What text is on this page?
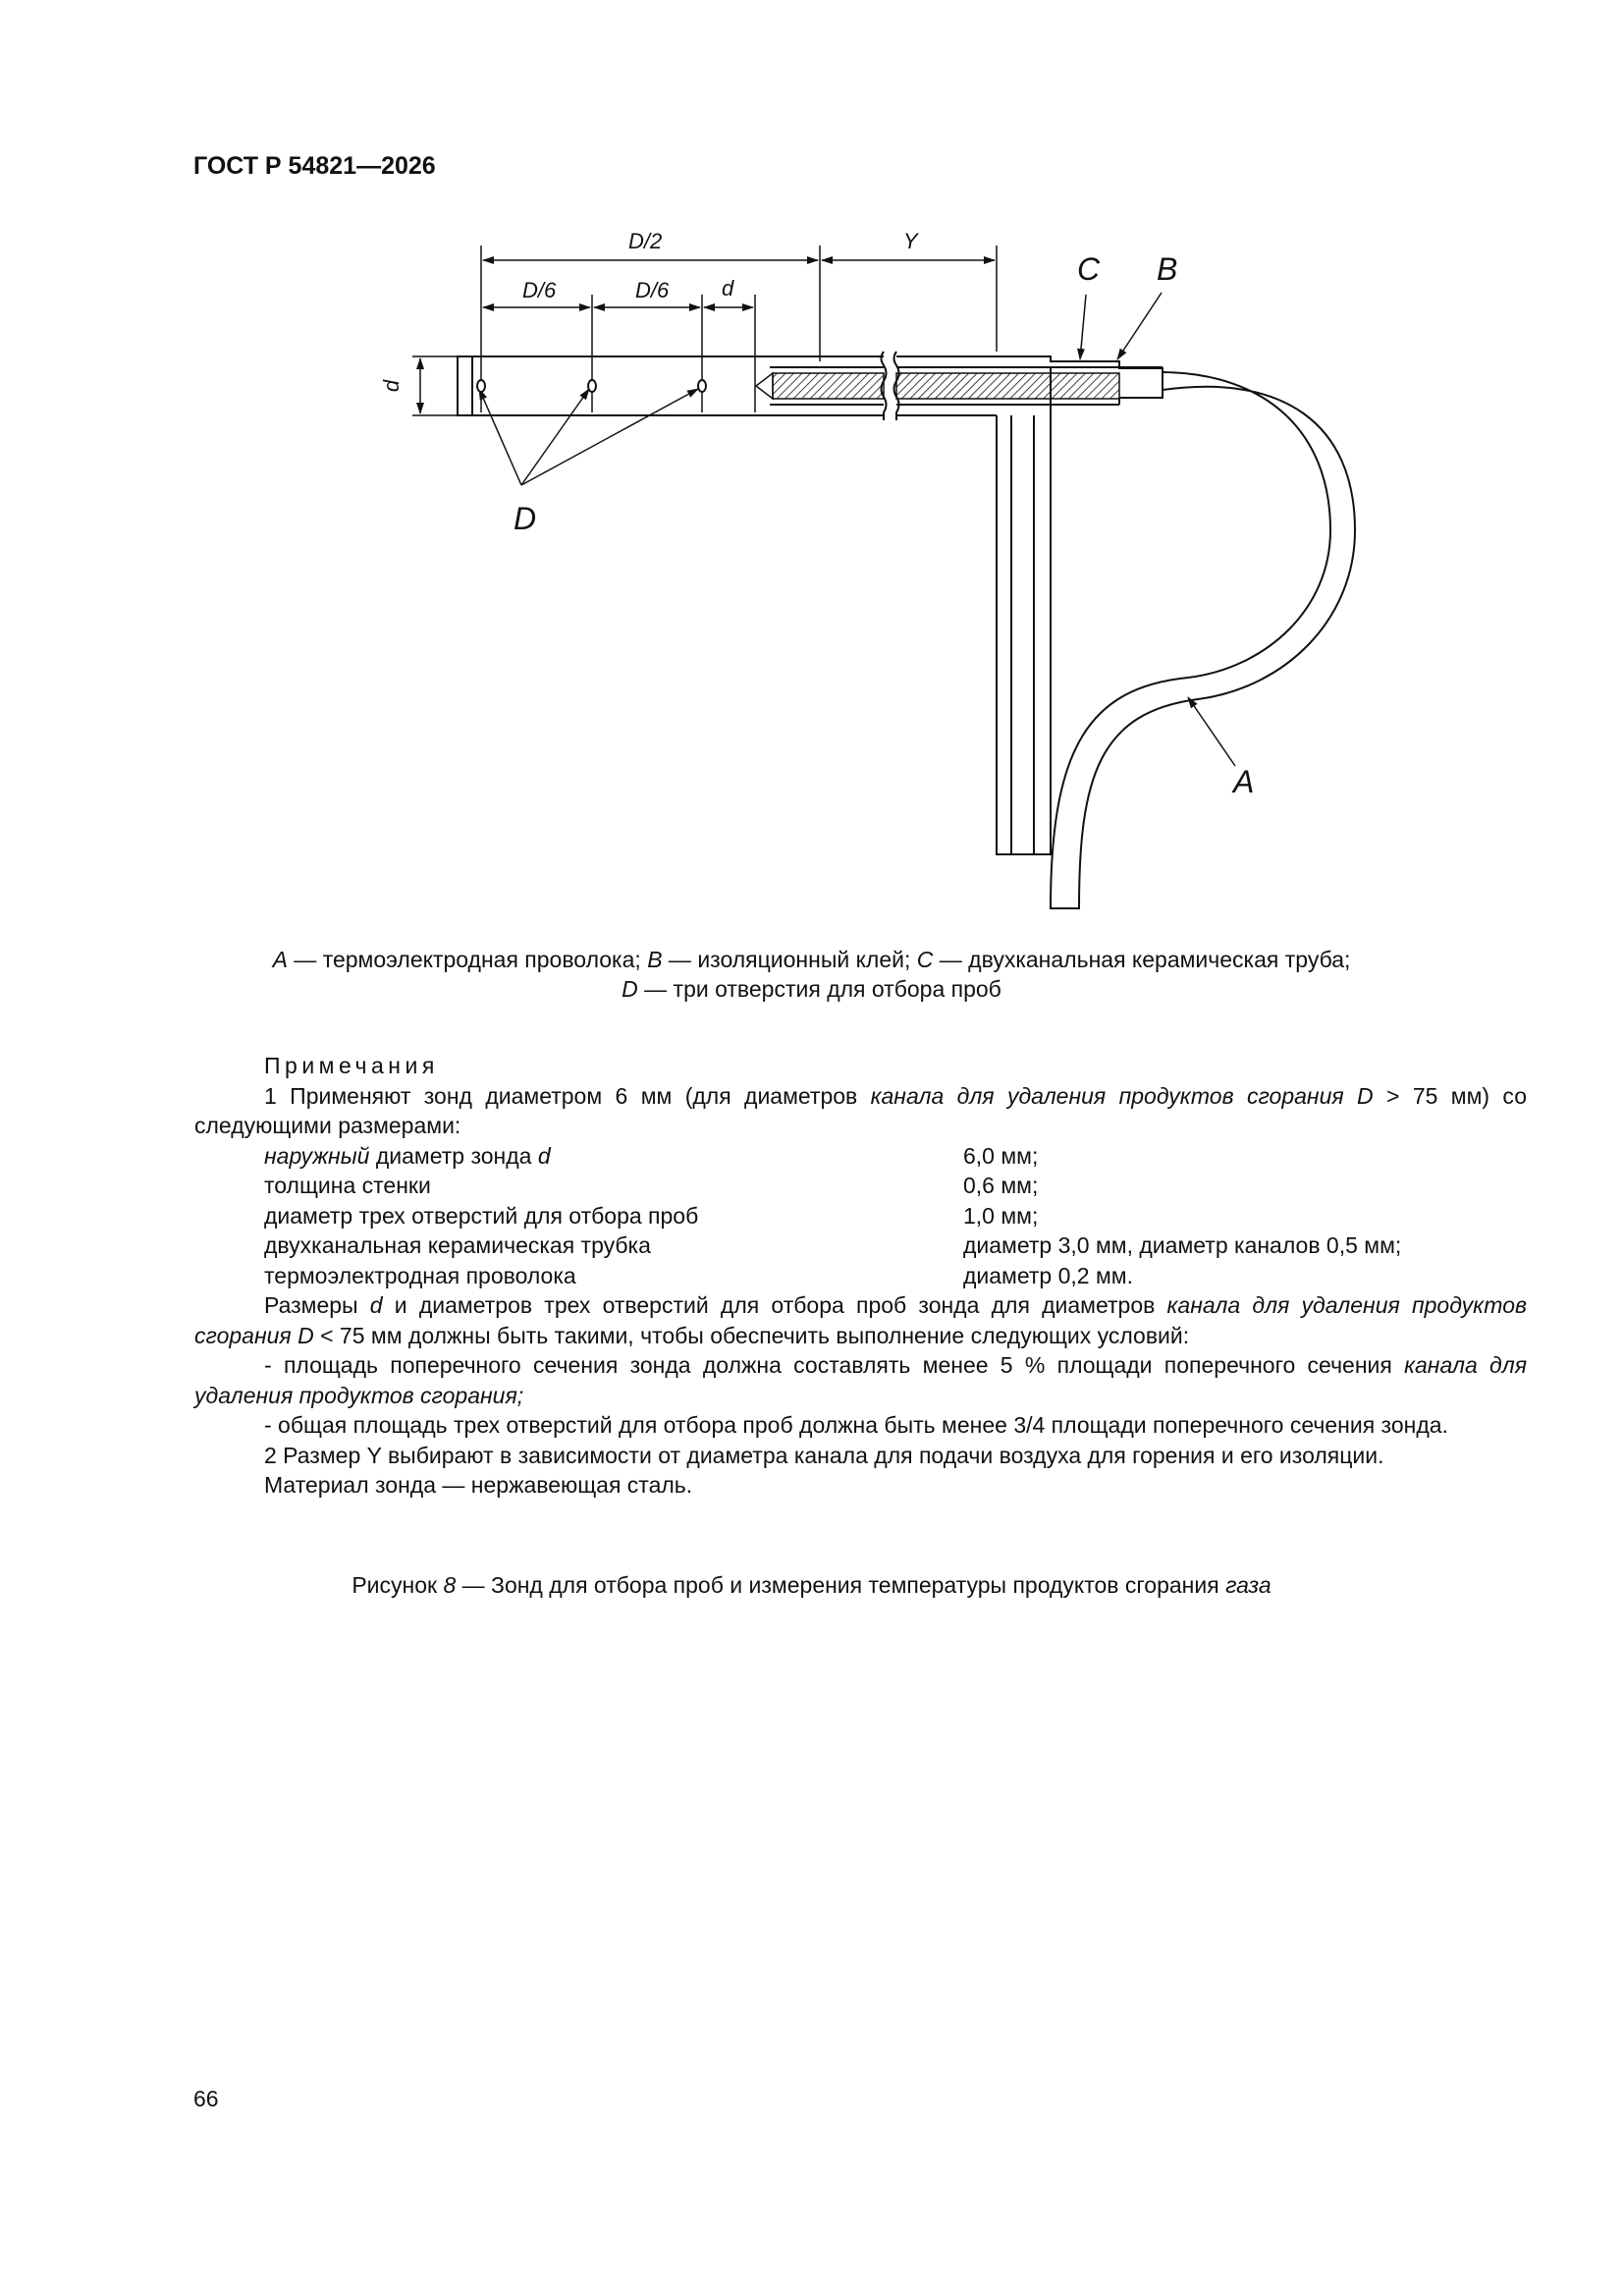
ГОСТ Р 54821—2026
D/2	Y
D/6	D/6 d
d
C B
D
A
A — термоэлектродная проволока; B — изоляционный клей; C — двухканальная керамическая труба;
D — три отверстия для отбора проб

Примечания

1 Применяют зонд диаметром 6 мм (для диаметров канала для удаления продуктов сгорания D > 75 мм) со следующими размерами:

наружный диаметр зонда d	6,0 мм;
толщина стенки	0,6 мм;
диаметр трех отверстий для отбора проб	1,0 мм;
двухканальная керамическая трубка	диаметр 3,0 мм, диаметр каналов 0,5 мм;
термоэлектродная проволока	диаметр 0,2 мм.

Размеры d и диаметров трех отверстий для отбора проб зонда для диаметров канала для удаления продуктов сгорания D < 75 мм должны быть такими, чтобы обеспечить выполнение следующих условий:

- площадь поперечного сечения зонда должна составлять менее 5 % площади поперечного сечения канала для удаления продуктов сгорания;

- общая площадь трех отверстий для отбора проб должна быть менее 3/4 площади поперечного сечения зонда.

2 Размер Y выбирают в зависимости от диаметра канала для подачи воздуха для горения и его изоляции.

Материал зонда — нержавеющая сталь.

Рисунок 8 — Зонд для отбора проб и измерения температуры продуктов сгорания газа
66
